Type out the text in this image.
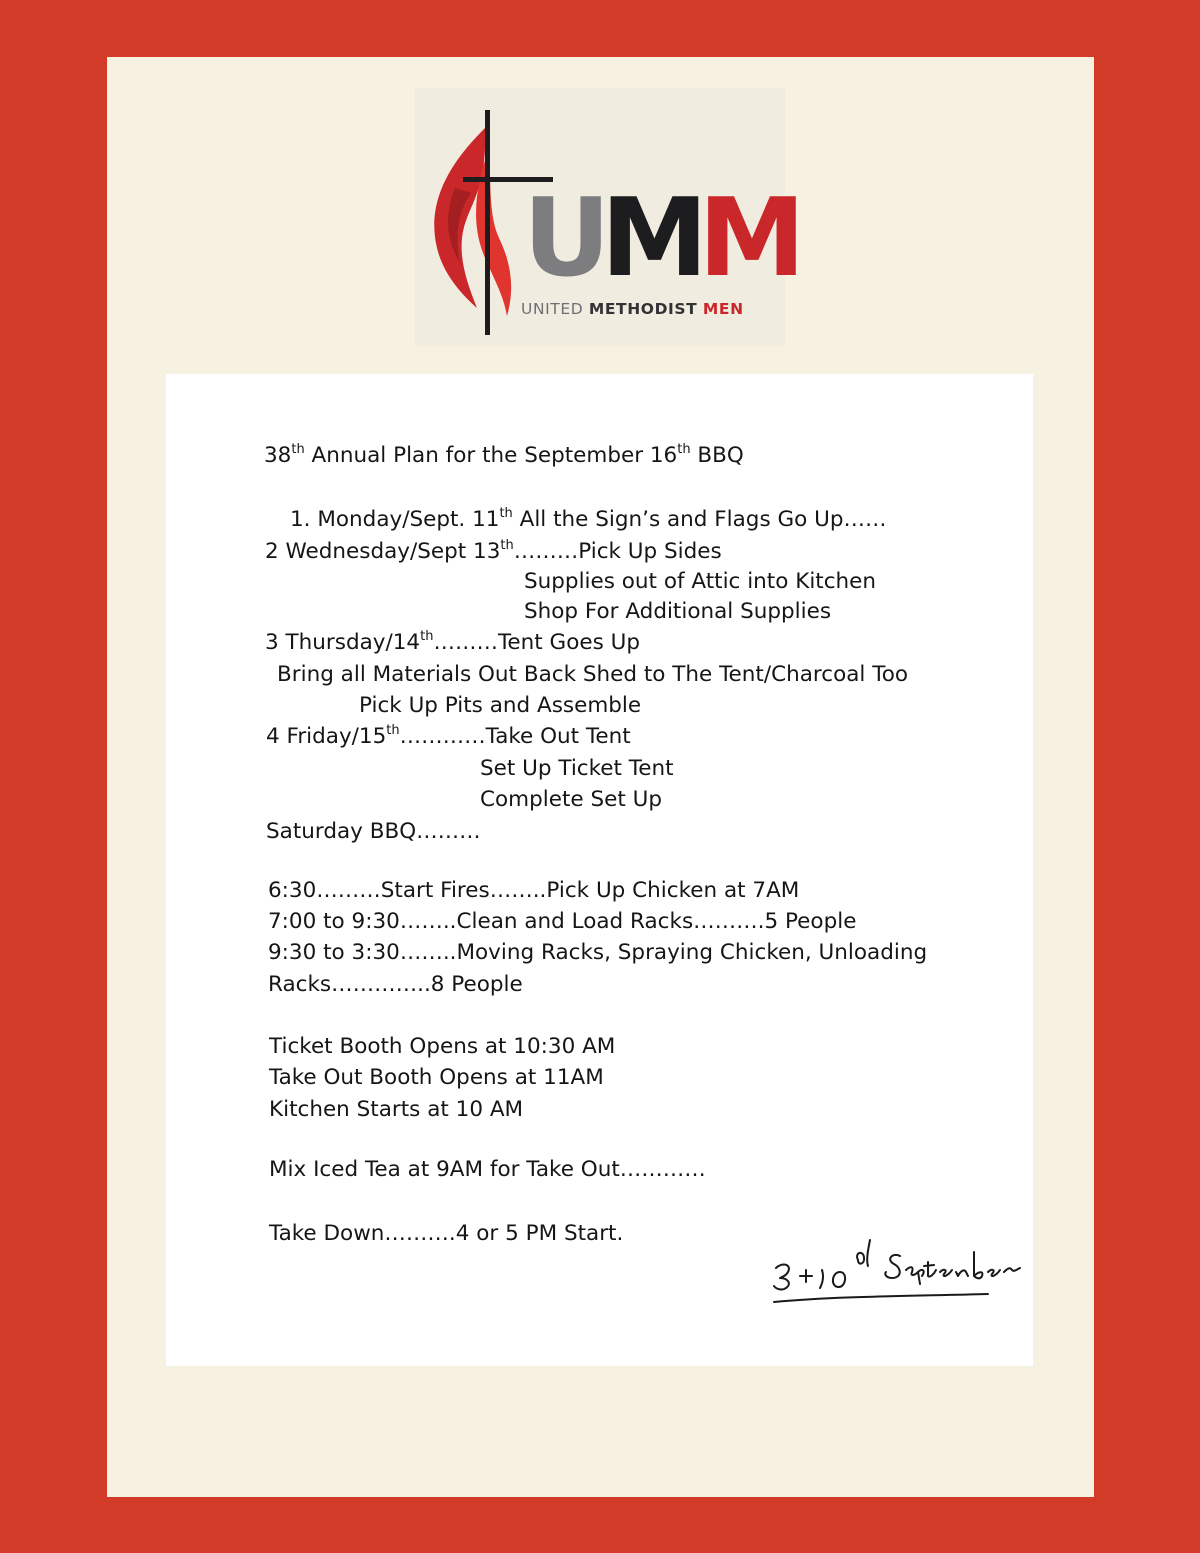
UMM
UNITED METHODIST MEN
38th Annual Plan for the September 16th BBQ
1. Monday/Sept. 11th All the Sign’s and Flags Go Up……
2 Wednesday/Sept 13th………Pick Up Sides
Supplies out of Attic into Kitchen
Shop For Additional Supplies
3 Thursday/14th………Tent Goes Up
Bring all Materials Out Back Shed to The Tent/Charcoal Too
Pick Up Pits and Assemble
4 Friday/15th…………Take Out Tent
Set Up Ticket Tent
Complete Set Up
Saturday BBQ………
6:30………Start Fires……..Pick Up Chicken at 7AM
7:00 to 9:30……..Clean and Load Racks……….5 People
9:30 to 3:30……..Moving Racks, Spraying Chicken, Unloading
Racks…………..8 People
Ticket Booth Opens at 10:30 AM
Take Out Booth Opens at 11AM
Kitchen Starts at 10 AM
Mix Iced Tea at 9AM for Take Out…………
Take Down……….4 or 5 PM Start.
